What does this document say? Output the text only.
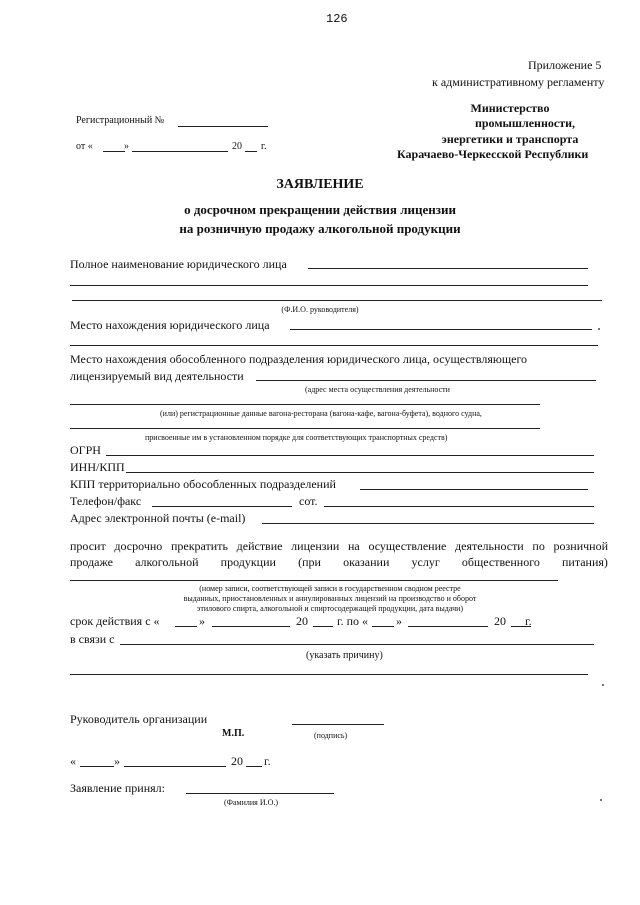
126
Приложение 5
к административному регламенту
Министерство
промышленности,
энергетики и транспорта
Карачаево-Черкесской Республики
Регистрационный №
от «	»	20 г.
ЗАЯВЛЕНИЕ
о досрочном прекращении действия лицензии
на розничную продажу алкогольной продукции
Полное наименование юридического лица
(Ф.И.О. руководителя)
Место нахождения юридического лица
Место нахождения обособленного подразделения юридического лица, осуществляющего
лицензируемый вид деятельности
(адрес места осуществления деятельности
(или) регистрационные данные вагона-ресторана (вагона-кафе, вагона-буфета), водного судна,
присвоенные им в установленном порядке для соответствующих транспортных средств)
ОГРН
ИНН/КПП
КПП территориально обособленных подразделений
Телефон/факс	сот.
Адрес электронной почты (e-mail)
просит досрочно прекратить действие лицензии на осуществление деятельности по розничной
продаже алкогольной продукции (при оказании услуг общественного питания)
(номер записи, соответствующей записи в государственном сводном реестре
выданных, приостановленных и аннулированных лицензий на производство и оборот
этилового спирта, алкогольной и спиртосодержащей продукции, дата выдачи)
срок действия с «	»	20 г. по « »	20 г.
в связи с
(указать причину)
Руководитель организации
М.П.	(подпись)
«	»	20 г.
Заявление принял:
(Фамилия И.О.)
